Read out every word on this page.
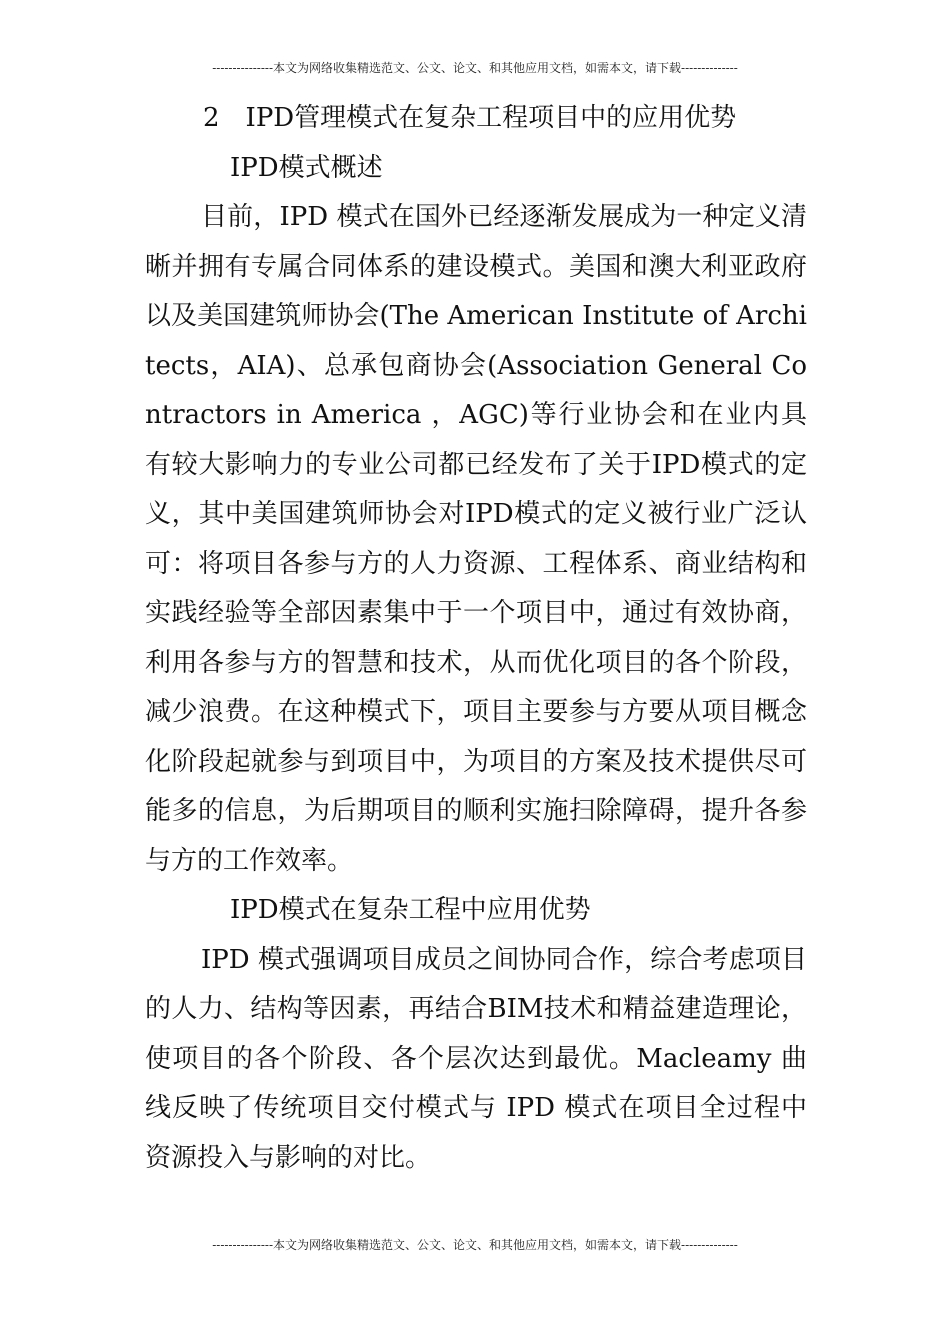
---------------本文为网络收集精选范文、公文、论文、和其他应用文档，如需本文，请下载--------------
2　IPD管理模式在复杂工程项目中的应用优势
IPD模式概述
目前，IPD 模式在国外已经逐渐发展成为一种定义清晰并拥有专属合同体系的建设模式。美国和澳大利亚政府以及美国建筑师协会(The American Institute of Architects，AIA)、总承包商协会(Association General Contractors in America ，AGC)等行业协会和在业内具有较大影响力的专业公司都已经发布了关于IPD模式的定义，其中美国建筑师协会对IPD模式的定义被行业广泛认可：将项目各参与方的人力资源、工程体系、商业结构和实践经验等全部因素集中于一个项目中，通过有效协商，利用各参与方的智慧和技术，从而优化项目的各个阶段，减少浪费。在这种模式下，项目主要参与方要从项目概念化阶段起就参与到项目中，为项目的方案及技术提供尽可能多的信息，为后期项目的顺利实施扫除障碍，提升各参与方的工作效率。
IPD模式在复杂工程中应用优势
IPD 模式强调项目成员之间协同合作，综合考虑项目的人力、结构等因素，再结合BIM技术和精益建造理论，使项目的各个阶段、各个层次达到最优。Macleamy 曲线反映了传统项目交付模式与 IPD 模式在项目全过程中资源投入与影响的对比。
---------------本文为网络收集精选范文、公文、论文、和其他应用文档，如需本文，请下载--------------
